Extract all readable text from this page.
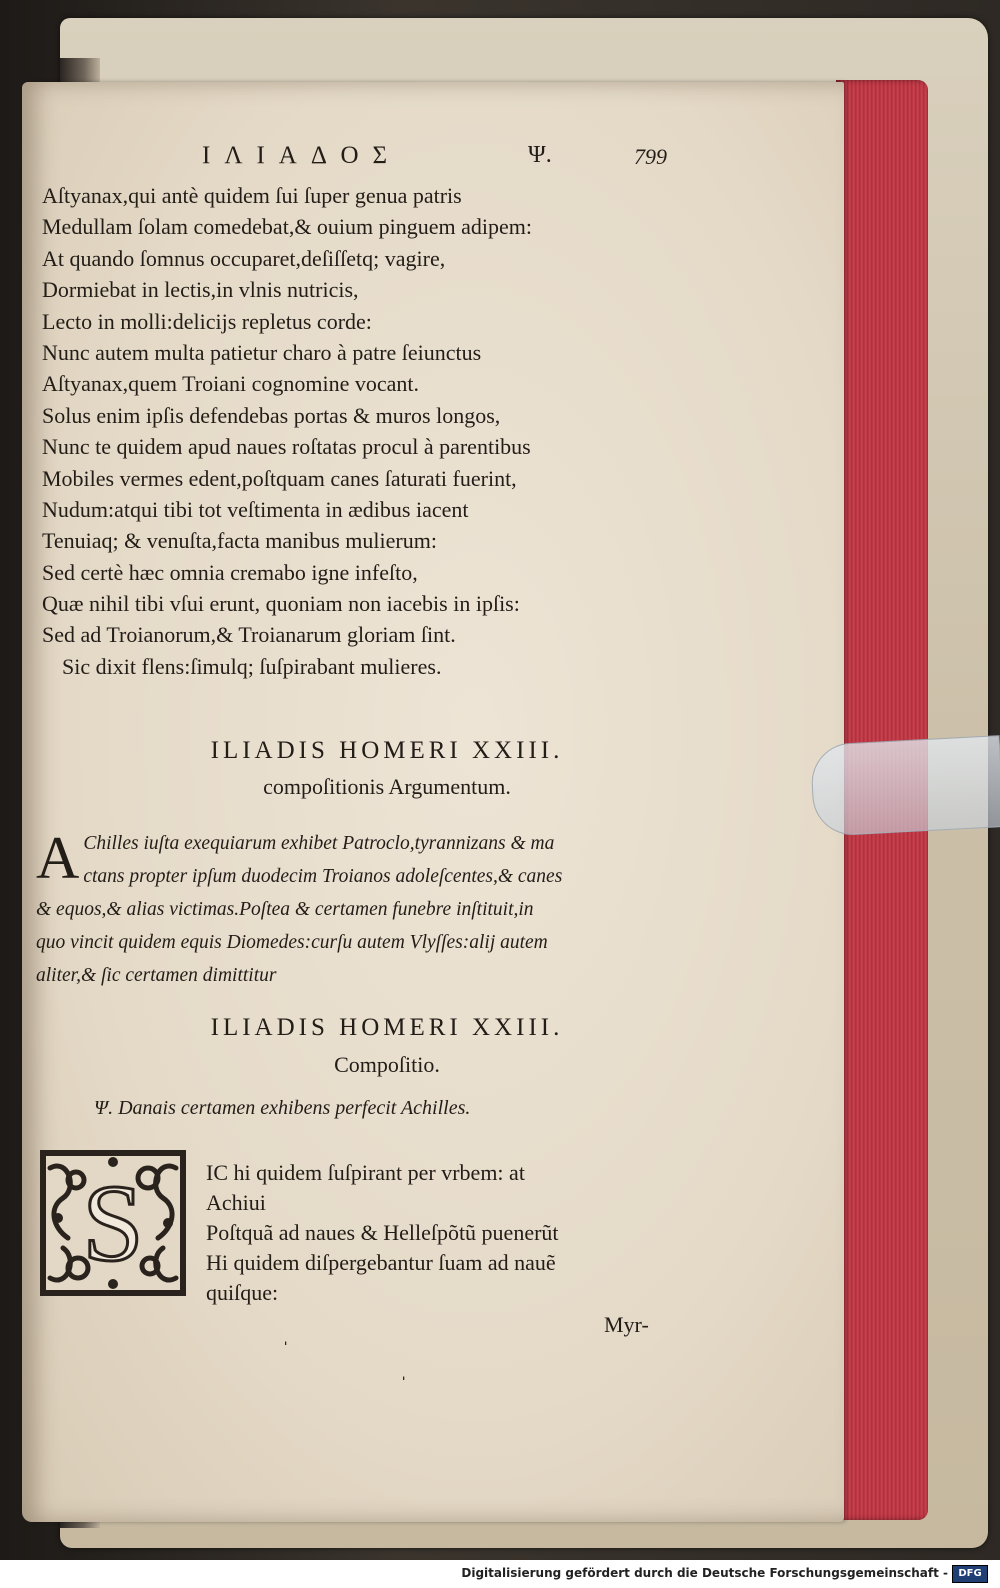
ΙΛΙΑΔΟΣ	Ψ.	799
Aſtyanax,qui antè quidem ſui ſuper genua patris
Medullam ſolam comedebat,& ouium pinguem adipem:
At quando ſomnus occuparet,deſiſſetq; vagire,
Dormiebat in lectis,in vlnis nutricis,
Lecto in molli:delicijs repletus corde:
Nunc autem multa patietur charo à patre ſeiunctus
Aſtyanax,quem Troiani cognomine vocant.
Solus enim ipſis defendebas portas & muros longos,
Nunc te quidem apud naues roſtatas procul à parentibus
Mobiles vermes edent,poſtquam canes ſaturati fuerint,
Nudum:atqui tibi tot veſtimenta in ædibus iacent
Tenuiaq; & venuſta,facta manibus mulierum:
Sed certè hæc omnia cremabo igne infeſto,
Quæ nihil tibi vſui erunt, quoniam non iacebis in ipſis:
Sed ad Troianorum,& Troianarum gloriam ſint.
Sic dixit flens:ſimulq; ſuſpirabant mulieres.
ILIADIS HOMERI XXIII.
compoſitionis Argumentum.
A Chilles iuſta exequiarum exhibet Patroclo,tyrannizans & ma
ctans propter ipſum duodecim Troianos adoleſcentes,& canes
& equos,& alias victimas.Poſtea & certamen funebre inſtituit,in
quo vincit quidem equis Diomedes:curſu autem Vlyſſes:alij autem
aliter,& ſic certamen dimittitur
ILIADIS HOMERI XXIII.
Compoſitio.
Ψ. Danais certamen exhibens perfecit Achilles.
S	IC hi quidem ſuſpirant per vrbem: at
Achiui
Poſtquã ad naues & Helleſpõtũ puenerũt
Hi quidem diſpergebantur ſuam ad nauẽ
quiſque:
Myr-
ˈ
ˈ
Digitalisierung gefördert durch die Deutsche Forschungsgemeinschaft -	DFG
